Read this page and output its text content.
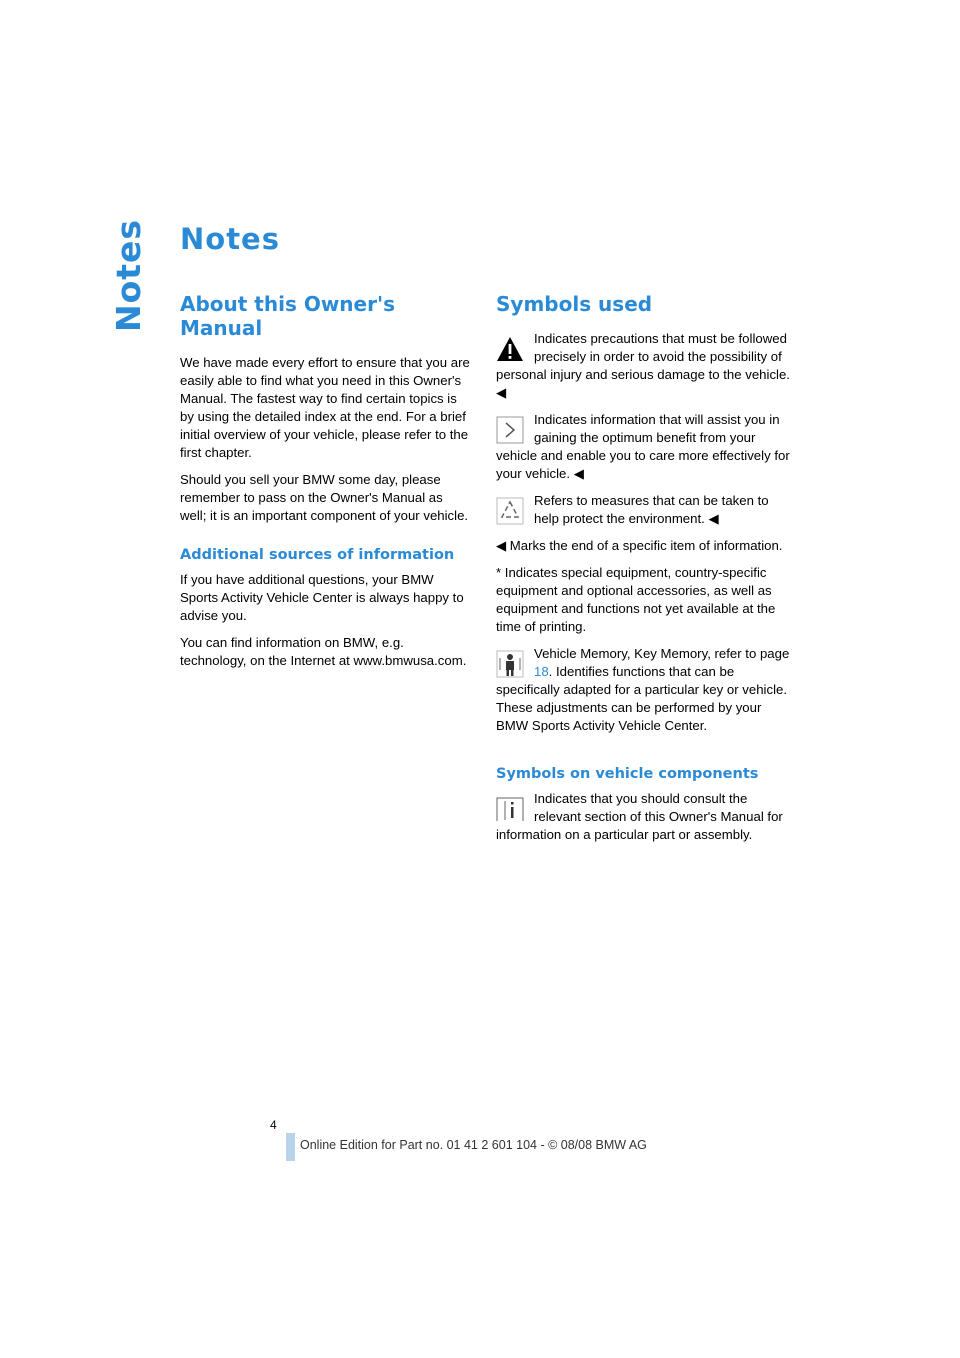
Notes Notes
About this Owner's Manual

We have made every effort to ensure that you are easily able to find what you need in this Owner's Manual. The fastest way to find certain topics is by using the detailed index at the end. For a brief initial overview of your vehicle, please refer to the first chapter.

Should you sell your BMW some day, please remember to pass on the Owner's Manual as well; it is an important component of your vehicle.

Additional sources of information

If you have additional questions, your BMW Sports Activity Vehicle Center is always happy to advise you.

You can find information on BMW, e.g. technology, on the Internet at www.bmwusa.com.

Symbols used

Indicates precautions that must be followed precisely in order to avoid the possibility of personal injury and serious damage to the vehicle. ◀

Indicates information that will assist you in gaining the optimum benefit from your vehicle and enable you to care more effectively for your vehicle. ◀

Refers to measures that can be taken to help protect the environment. ◀

◀ Marks the end of a specific item of information.

* Indicates special equipment, country-specific equipment and optional accessories, as well as equipment and functions not yet available at the time of printing.

Vehicle Memory, Key Memory, refer to page 18. Identifies functions that can be specifically adapted for a particular key or vehicle. These adjustments can be performed by your BMW Sports Activity Vehicle Center.

Symbols on vehicle components

Indicates that you should consult the relevant section of this Owner's Manual for information on a particular part or assembly.

4
Online Edition for Part no. 01 41 2 601 104 - © 08/08 BMW AG
